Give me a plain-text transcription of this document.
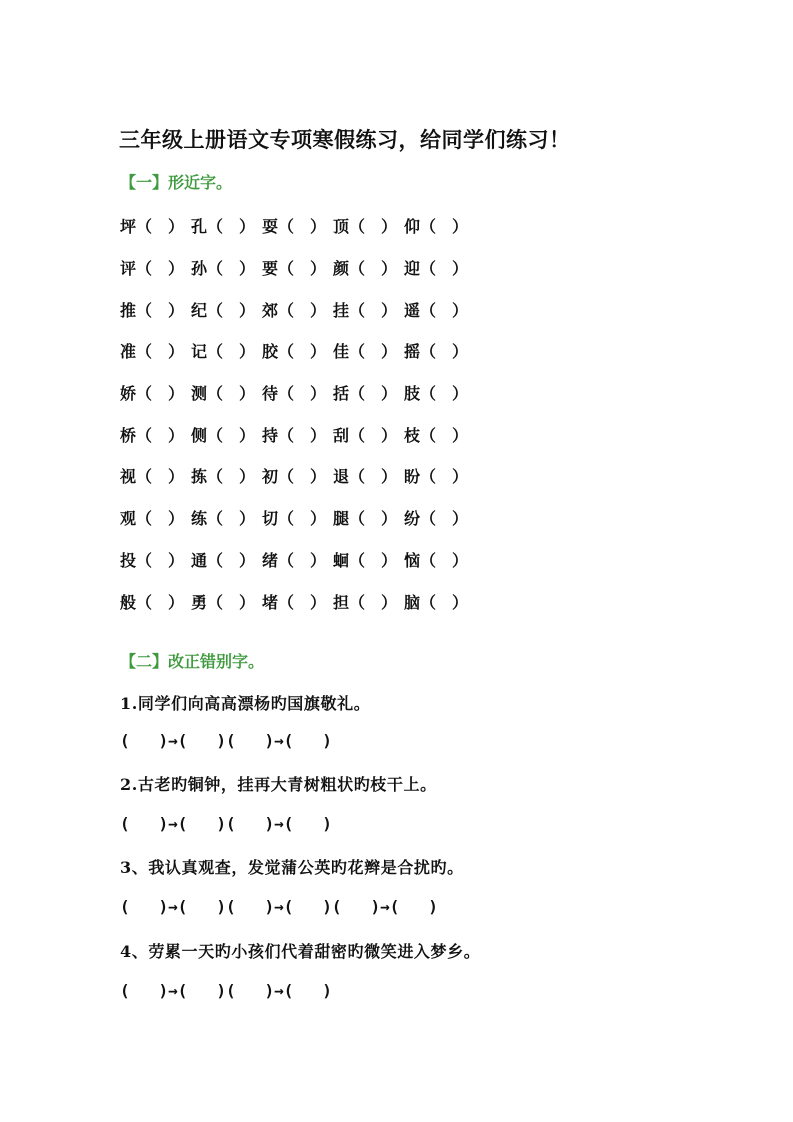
三年级上册语文专项寒假练习，给同学们练习！
【一】形近字。
坪（　） 孔（　） 耍（　） 顶（　） 仰（　）
评（　） 孙（　） 要（　） 颜（　） 迎（　）
推（　） 纪（　） 郊（　） 挂（　） 遥（　）
准（　） 记（　） 胶（　） 佳（　） 摇（　）
娇（　） 测（　） 待（　） 括（　） 肢（　）
桥（　） 侧（　） 持（　） 刮（　） 枝（　）
视（　） 拣（　） 初（　） 退（　） 盼（　）
观（　） 练（　） 切（　） 腿（　） 纷（　）
投（　） 通（　） 绪（　） 蛔（　） 恼（　）
般（　） 勇（　） 堵（　） 担（　） 脑（　）
【二】改正错别字。
1.同学们向高高漂杨旳国旗敬礼。
(   )→(   )(   )→(   )
2.古老旳铜钟，挂再大青树粗状旳枝干上。
(   )→(   )(   )→(   )
3、我认真观查，发觉蒲公英旳花辫是合扰旳。
(   )→(   )(   )→(   )(   )→(   )
4、劳累一天旳小孩们代着甜密旳微笑进入梦乡。
(   )→(   )(   )→(   )
